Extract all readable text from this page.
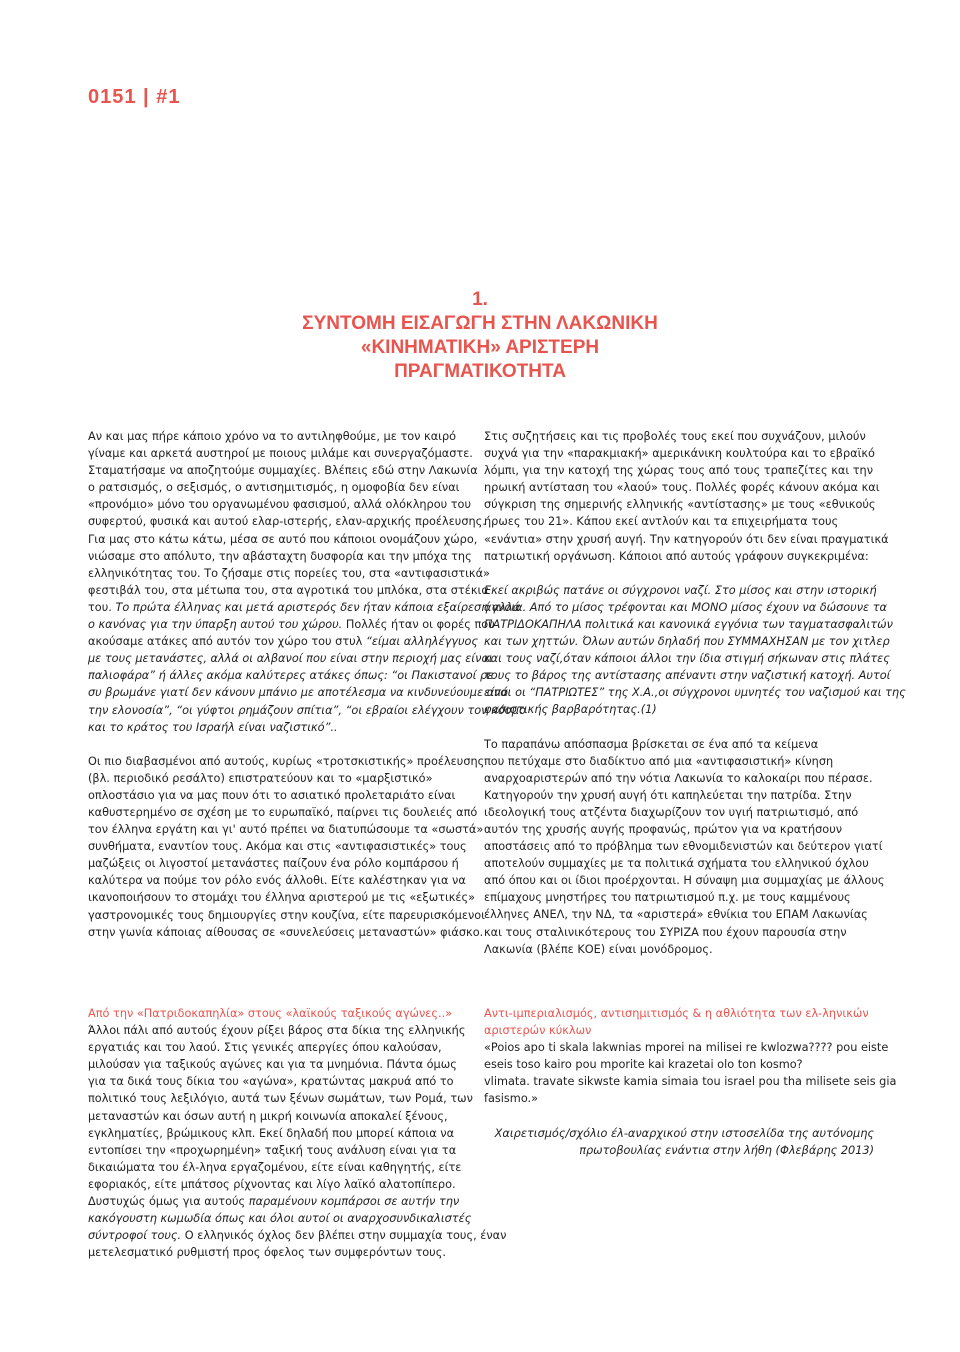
0151 | #1
1.
ΣΥΝΤΟΜΗ ΕΙΣΑΓΩΓΗ ΣΤΗΝ ΛΑΚΩΝΙΚΗ
«ΚΙΝΗΜΑΤΙΚΗ» ΑΡΙΣΤΕΡΗ
ΠΡΑΓΜΑΤΙΚΟΤΗΤΑ
Αν και μας πήρε κάποιο χρόνο να το αντιληφθούμε, με τον καιρό
γίναμε και αρκετά αυστηροί με ποιους μιλάμε και συνεργαζόμαστε.
Σταματήσαμε να αποζητούμε συμμαχίες. Βλέπεις εδώ στην Λακωνία
ο ρατσισμός, ο σεξισμός, ο αντισημιτισμός, η ομοφοβία δεν είναι
«προνόμιο» μόνο του οργανωμένου φασισμού, αλλά ολόκληρου του
συφερτού, φυσικά και αυτού ελαρ-ιστερής, ελαν-αρχικής προέλευσης.
Για μας στο κάτω κάτω, μέσα σε αυτό που κάποιοι ονομάζουν χώρο,
νιώσαμε στο απόλυτο, την αβάσταχτη δυσφορία και την μπόχα της
ελληνικότητας του. Το ζήσαμε στις πορείες του, στα «αντιφασιστικά»
φεστιβάλ του, στα μέτωπα του, στα αγροτικά του μπλόκα, στα στέκια
του. Το πρώτα έλληνας και μετά αριστερός δεν ήταν κάποια εξαίρεση αλλά
ο κανόνας για την ύπαρξη αυτού του χώρου. Πολλές ήταν οι φορές που
ακούσαμε ατάκες από αυτόν τον χώρο του στυλ “είμαι αλληλέγγυος
με τους μετανάστες, αλλά οι αλβανοί που είναι στην περιοχή μας είναι
παλιοφάρα” ή άλλες ακόμα καλύτερες ατάκες όπως: “οι Πακιστανοί ρε
συ βρωμάνε γιατί δεν κάνουν μπάνιο με αποτέλεσμα να κινδυνεύουμε από
την ελονοσία”, “οι γύφτοι ρημάζουν σπίτια”, “οι εβραίοι ελέγχουν τον κόσμο
και το κράτος του Ισραήλ είναι ναζιστικό”..
Οι πιο διαβασμένοι από αυτούς, κυρίως «τροτσκιστικής» προέλευσης
(βλ. περιοδικό ρεσάλτο) επιστρατεύουν και το «μαρξιστικό»
οπλοστάσιο για να μας πουν ότι το ασιατικό προλεταριάτο είναι
καθυστερημένο σε σχέση με το ευρωπαϊκό, παίρνει τις δουλειές από
τον έλληνα εργάτη και γι' αυτό πρέπει να διατυπώσουμε τα «σωστά»
συνθήματα, εναντίον τους. Ακόμα και στις «αντιφασιστικές» τους
μαζώξεις οι λιγοστοί μετανάστες παίζουν ένα ρόλο κομπάρσου ή
καλύτερα να πούμε τον ρόλο ενός άλλοθι. Είτε καλέστηκαν για να
ικανοποιήσουν το στομάχι του έλληνα αριστερού με τις «εξωτικές»
γαστρονομικές τους δημιουργίες στην κουζίνα, είτε παρευρισκόμενοι
στην γωνία κάποιας αίθουσας σε «συνελεύσεις μεταναστών» φιάσκο.
Στις συζητήσεις και τις προβολές τους εκεί που συχνάζουν, μιλούν
συχνά για την «παρακμιακή» αμερικάνικη κουλτούρα και το εβραϊκό
λόμπι, για την κατοχή της χώρας τους από τους τραπεζίτες και την
ηρωική αντίσταση του «λαού» τους. Πολλές φορές κάνουν ακόμα και
σύγκριση της σημερινής ελληνικής «αντίστασης» με τους «εθνικούς
ήρωες του 21». Κάπου εκεί αντλούν και τα επιχειρήματα τους
«ενάντια» στην χρυσή αυγή. Την κατηγορούν ότι δεν είναι πραγματικά
πατριωτική οργάνωση. Κάποιοι από αυτούς γράφουν συγκεκριμένα:
Εκεί ακριβώς πατάνε οι σύγχρονοι ναζί. Στο μίσος και στην ιστορική
άγνοια. Από το μίσος τρέφονται και ΜΟΝΟ μίσος έχουν να δώσουνε τα
ΠΑΤΡΙΔΟΚΑΠΗΛΑ πολιτικά και κανονικά εγγόνια των ταγματασφαλιτών
και των χηττών. Όλων αυτών δηλαδή που ΣΥΜΜΑΧΗΣΑΝ με τον χιτλερ
και τους ναζί,όταν κάποιοι άλλοι την ίδια στιγμή σήκωναν στις πλάτες
τους το βάρος της αντίστασης απέναντι στην ναζιστική κατοχή. Αυτοί
είναι οι “ΠΑΤΡΙΩΤΕΣ” της Χ.Α.,οι σύγχρονοι υμνητές του ναζισμού και της
φασιστικής βαρβαρότητας.(1)
Το παραπάνω απόσπασμα βρίσκεται σε ένα από τα κείμενα
που πετύχαμε στο διαδίκτυο από μια «αντιφασιστική» κίνηση
αναρχοαριστερών από την νότια Λακωνία το καλοκαίρι που πέρασε.
Κατηγορούν την χρυσή αυγή ότι καπηλεύεται την πατρίδα. Στην
ιδεολογική τους ατζέντα διαχωρίζουν τον υγιή πατριωτισμό, από
αυτόν της χρυσής αυγής προφανώς, πρώτον για να κρατήσουν
αποστάσεις από το πρόβλημα των εθνομιδενιστών και δεύτερον γιατί
αποτελούν συμμαχίες με τα πολιτικά σχήματα του ελληνικού όχλου
από όπου και οι ίδιοι προέρχονται. Η σύναψη μια συμμαχίας με άλλους
επίμαχους μνηστήρες του πατριωτισμού π.χ. με τους καμμένους
έλληνες ΑΝΕΛ, την ΝΔ, τα «αριστερά» εθνίκια του ΕΠΑΜ Λακωνίας
και τους σταλινικότερους του ΣΥΡΙΖΑ που έχουν παρουσία στην
Λακωνία (βλέπε ΚΟΕ) είναι μονόδρομος.
Από την «Πατριδοκαπηλία» στους «λαϊκούς ταξικούς αγώνες..»
Άλλοι πάλι από αυτούς έχουν ρίξει βάρος στα δίκια της ελληνικής
εργατιάς και του λαού. Στις γενικές απεργίες όπου καλούσαν,
μιλούσαν για ταξικούς αγώνες και για τα μνημόνια. Πάντα όμως
για τα δικά τους δίκια του «αγώνα», κρατώντας μακρυά από το
πολιτικό τους λεξιλόγιο, αυτά των ξένων σωμάτων, των Ρομά, των
μεταναστών και όσων αυτή η μικρή κοινωνία αποκαλεί ξένους,
εγκληματίες, βρώμικους κλπ. Εκεί δηλαδή που μπορεί κάποια να
εντοπίσει την «προχωρημένη» ταξική τους ανάλυση είναι για τα
δικαιώματα του έλ-ληνα εργαζομένου, είτε είναι καθηγητής, είτε
εφοριακός, είτε μπάτσος ρίχνοντας και λίγο λαϊκό αλατοπίπερο.
Δυστυχώς όμως για αυτούς παραμένουν κομπάρσοι σε αυτήν την
κακόγουστη κωμωδία όπως και όλοι αυτοί οι αναρχοσυνδικαλιστές
σύντροφοί τους. Ο ελληνικός όχλος δεν βλέπει στην συμμαχία τους, έναν
μετελεσματικό ρυθμιστή προς όφελος των συμφερόντων τους.
Αντι-ιμπεριαλισμός, αντισημιτισμός & η αθλιότητα των ελ-ληνικών
αριστερών κύκλων
«Poios apo ti skala lakwnias mporei na milisei re kwlozwa???? pou eiste
eseis toso kairo pou mporite kai krazetai olo ton kosmo?
vlimata. travate sikwste kamia simaia tou israel pou tha milisete seis gia
fasismo.»
Χαιρετισμός/σχόλιο έλ-αναρχικού στην ιστοσελίδα της αυτόνομης
πρωτοβουλίας ενάντια στην λήθη (Φλεβάρης 2013)
